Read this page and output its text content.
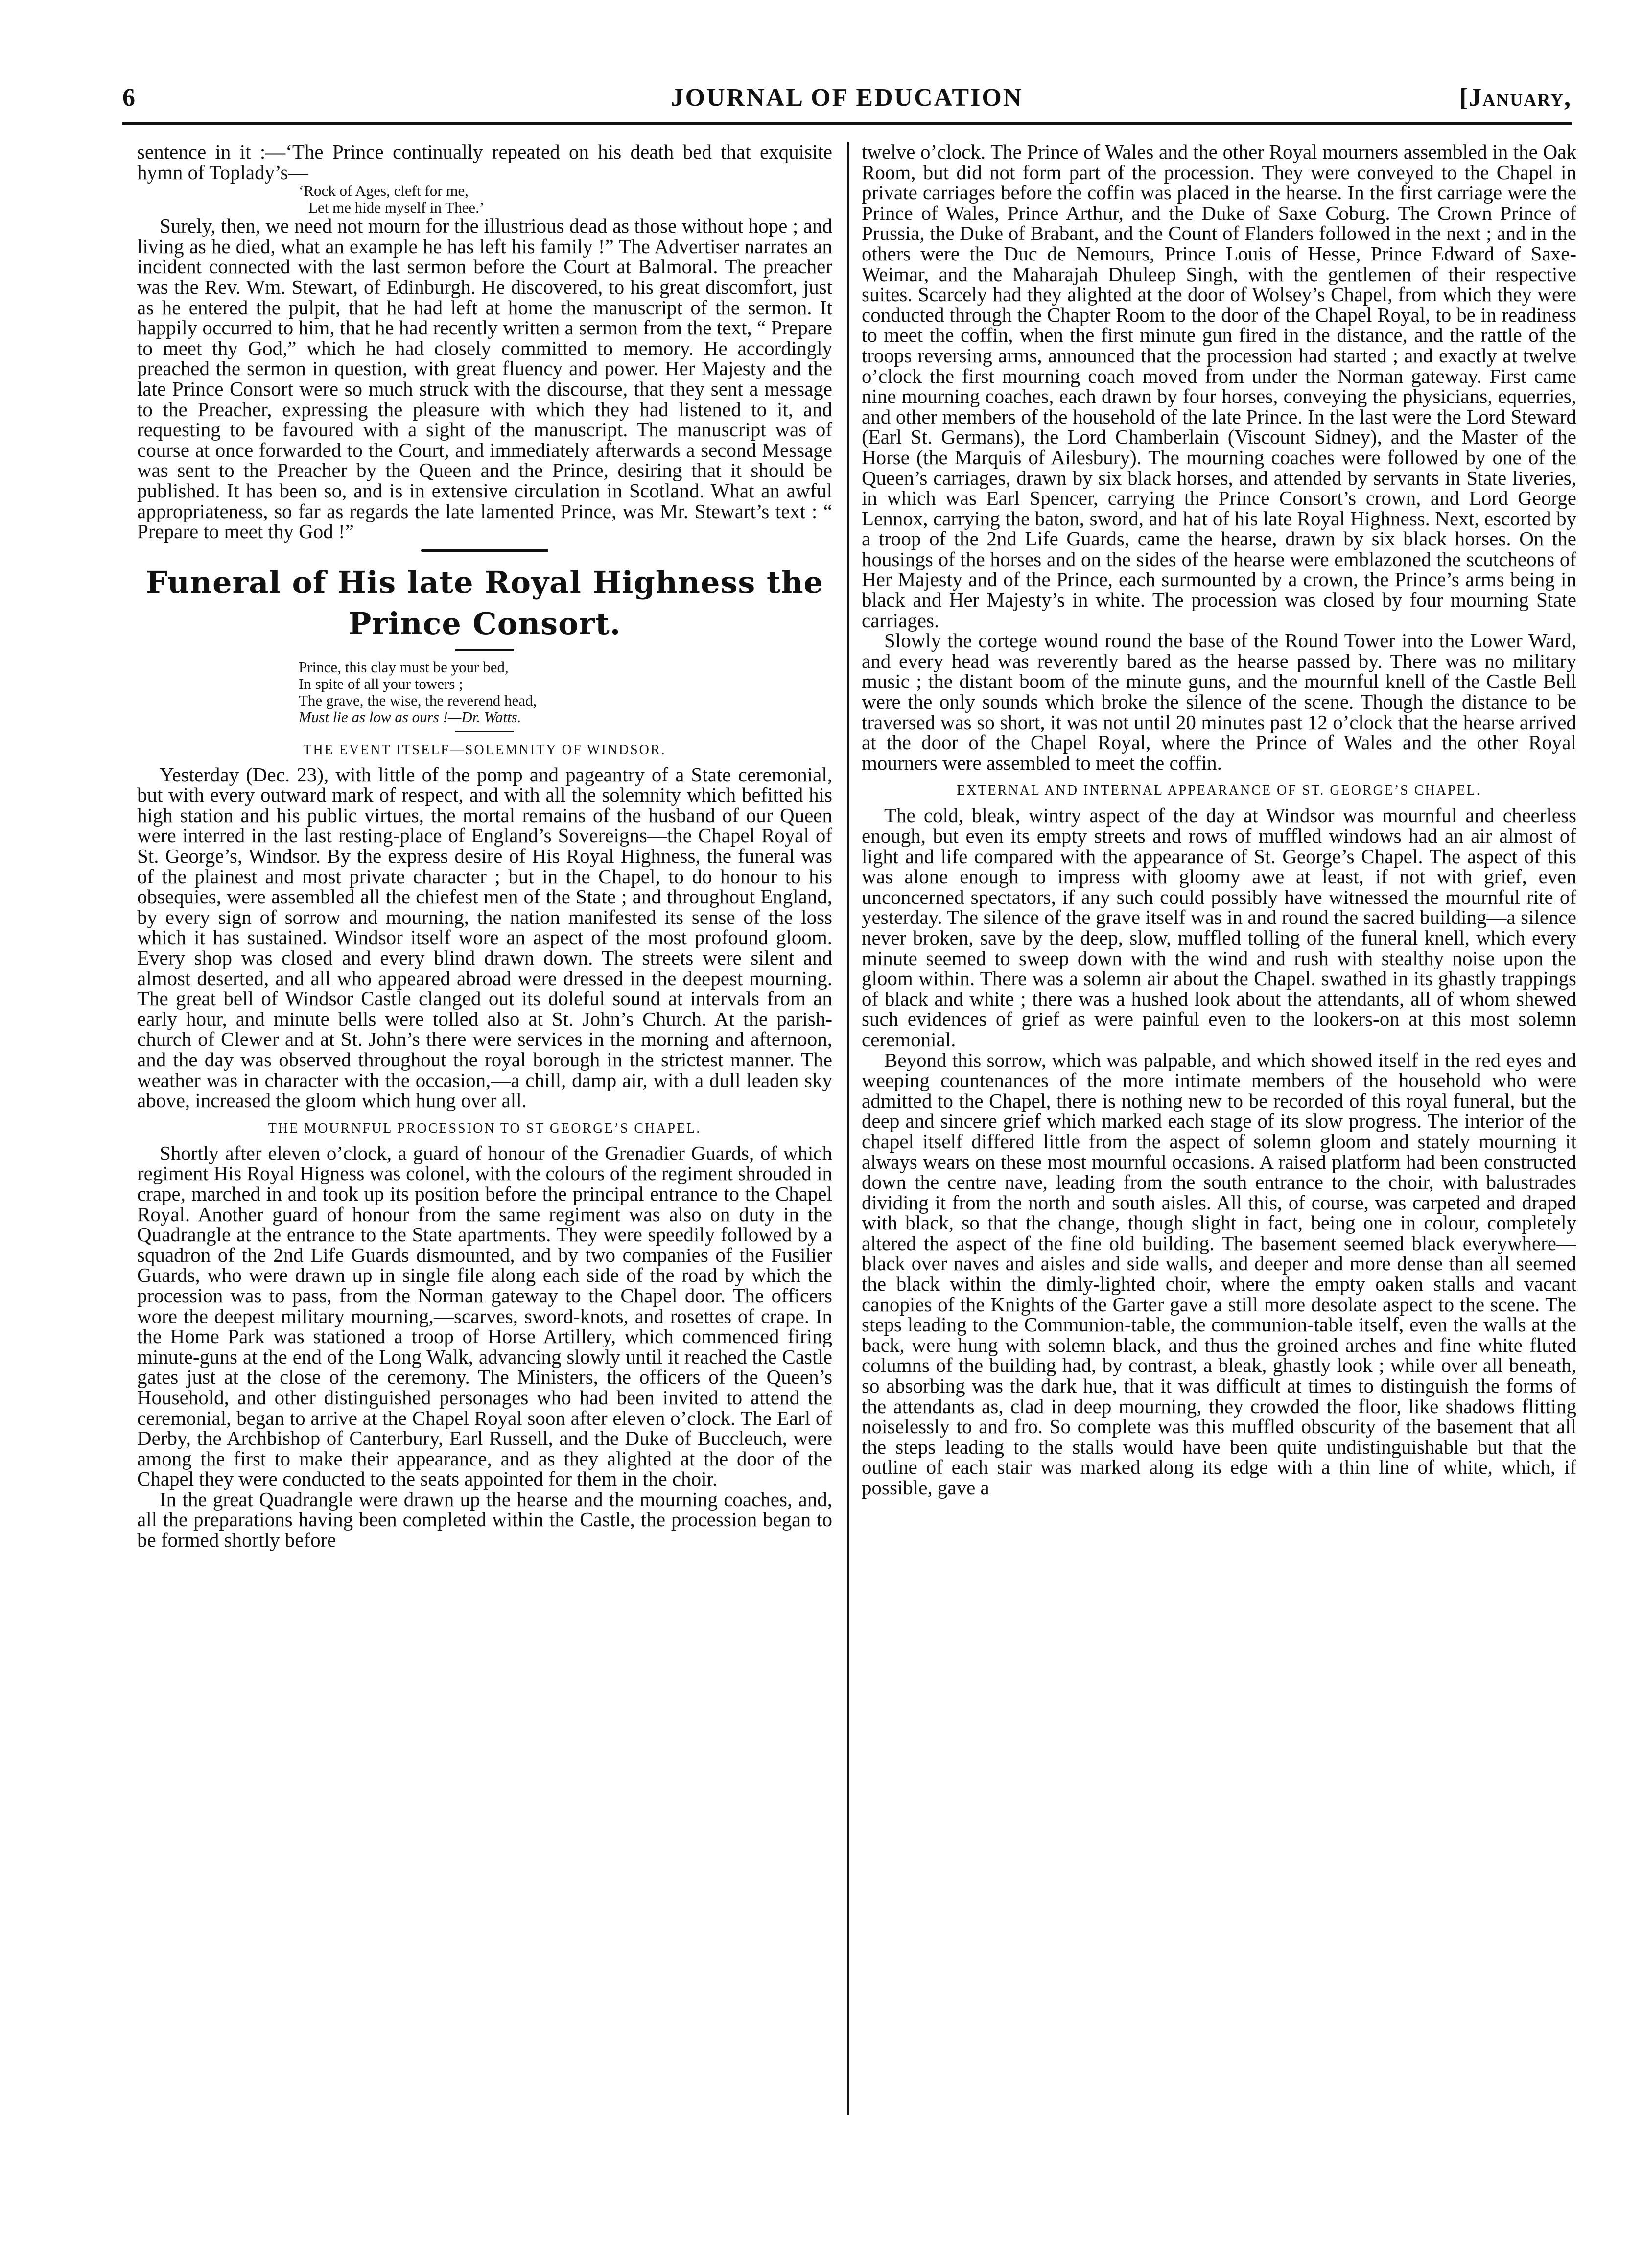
6	JOURNAL OF EDUCATION	[January,

sentence in it :—‘The Prince continually repeated on his death bed that exquisite hymn of Toplady’s—

‘Rock of Ages, cleft for me,
Let me hide myself in Thee.’

Surely, then, we need not mourn for the illustrious dead as those without hope ; and living as he died, what an example he has left his family !” The Advertiser narrates an incident connected with the last sermon before the Court at Balmoral. The preacher was the Rev. Wm. Stewart, of Edinburgh. He discovered, to his great discomfort, just as he entered the pulpit, that he had left at home the manuscript of the sermon. It happily occurred to him, that he had recently written a sermon from the text, “ Prepare to meet thy God,” which he had closely committed to memory. He accordingly preached the sermon in question, with great fluency and power. Her Majesty and the late Prince Consort were so much struck with the discourse, that they sent a message to the Preacher, expressing the pleasure with which they had listened to it, and requesting to be favoured with a sight of the manuscript. The manuscript was of course at once forwarded to the Court, and immediately afterwards a second Message was sent to the Preacher by the Queen and the Prince, desiring that it should be published. It has been so, and is in extensive circulation in Scotland. What an awful appropriateness, so far as regards the late lamented Prince, was Mr. Stewart’s text : “ Prepare to meet thy God !”

Funeral of His late Royal Highness the Prince Consort.
Prince, this clay must be your bed,
In spite of all your towers ;
The grave, the wise, the reverend head,
Must lie as low as ours !—Dr. Watts.
THE EVENT ITSELF—SOLEMNITY OF WINDSOR.

Yesterday (Dec. 23), with little of the pomp and pageantry of a State ceremonial, but with every outward mark of respect, and with all the solemnity which befitted his high station and his public virtues, the mortal remains of the husband of our Queen were interred in the last resting-place of England’s Sovereigns—the Chapel Royal of St. George’s, Windsor. By the express desire of His Royal Highness, the funeral was of the plainest and most private character ; but in the Chapel, to do honour to his obsequies, were assembled all the chiefest men of the State ; and throughout England, by every sign of sorrow and mourning, the nation manifested its sense of the loss which it has sustained. Windsor itself wore an aspect of the most profound gloom. Every shop was closed and every blind drawn down. The streets were silent and almost deserted, and all who appeared abroad were dressed in the deepest mourning. The great bell of Windsor Castle clanged out its doleful sound at intervals from an early hour, and minute bells were tolled also at St. John’s Church. At the parish-church of Clewer and at St. John’s there were services in the morning and afternoon, and the day was observed throughout the royal borough in the strictest manner. The weather was in character with the occasion,—a chill, damp air, with a dull leaden sky above, increased the gloom which hung over all.

THE MOURNFUL PROCESSION TO ST GEORGE’S CHAPEL.

Shortly after eleven o’clock, a guard of honour of the Grenadier Guards, of which regiment His Royal Higness was colonel, with the colours of the regiment shrouded in crape, marched in and took up its position before the principal entrance to the Chapel Royal. Another guard of honour from the same regiment was also on duty in the Quadrangle at the entrance to the State apartments. They were speedily followed by a squadron of the 2nd Life Guards dismounted, and by two companies of the Fusilier Guards, who were drawn up in single file along each side of the road by which the procession was to pass, from the Norman gateway to the Chapel door. The officers wore the deepest military mourning,—scarves, sword-knots, and rosettes of crape. In the Home Park was stationed a troop of Horse Artillery, which commenced firing minute-guns at the end of the Long Walk, advancing slowly until it reached the Castle gates just at the close of the ceremony. The Ministers, the officers of the Queen’s Household, and other distinguished personages who had been invited to attend the ceremonial, began to arrive at the Chapel Royal soon after eleven o’clock. The Earl of Derby, the Archbishop of Canterbury, Earl Russell, and the Duke of Buccleuch, were among the first to make their appearance, and as they alighted at the door of the Chapel they were conducted to the seats appointed for them in the choir.

In the great Quadrangle were drawn up the hearse and the mourning coaches, and, all the preparations having been completed within the Castle, the procession began to be formed shortly before

twelve o’clock. The Prince of Wales and the other Royal mourners assembled in the Oak Room, but did not form part of the procession. They were conveyed to the Chapel in private carriages before the coffin was placed in the hearse. In the first carriage were the Prince of Wales, Prince Arthur, and the Duke of Saxe Coburg. The Crown Prince of Prussia, the Duke of Brabant, and the Count of Flanders followed in the next ; and in the others were the Duc de Nemours, Prince Louis of Hesse, Prince Edward of Saxe-Weimar, and the Maharajah Dhuleep Singh, with the gentlemen of their respective suites. Scarcely had they alighted at the door of Wolsey’s Chapel, from which they were conducted through the Chapter Room to the door of the Chapel Royal, to be in readiness to meet the coffin, when the first minute gun fired in the distance, and the rattle of the troops reversing arms, announced that the procession had started ; and exactly at twelve o’clock the first mourning coach moved from under the Norman gateway. First came nine mourning coaches, each drawn by four horses, conveying the physicians, equerries, and other members of the household of the late Prince. In the last were the Lord Steward (Earl St. Germans), the Lord Chamberlain (Viscount Sidney), and the Master of the Horse (the Marquis of Ailesbury). The mourning coaches were followed by one of the Queen’s carriages, drawn by six black horses, and attended by servants in State liveries, in which was Earl Spencer, carrying the Prince Consort’s crown, and Lord George Lennox, carrying the baton, sword, and hat of his late Royal Highness. Next, escorted by a troop of the 2nd Life Guards, came the hearse, drawn by six black horses. On the housings of the horses and on the sides of the hearse were emblazoned the scutcheons of Her Majesty and of the Prince, each surmounted by a crown, the Prince’s arms being in black and Her Majesty’s in white. The procession was closed by four mourning State carriages.

Slowly the cortege wound round the base of the Round Tower into the Lower Ward, and every head was reverently bared as the hearse passed by. There was no military music ; the distant boom of the minute guns, and the mournful knell of the Castle Bell were the only sounds which broke the silence of the scene. Though the distance to be traversed was so short, it was not until 20 minutes past 12 o’clock that the hearse arrived at the door of the Chapel Royal, where the Prince of Wales and the other Royal mourners were assembled to meet the coffin.

EXTERNAL AND INTERNAL APPEARANCE OF ST. GEORGE’S CHAPEL.

The cold, bleak, wintry aspect of the day at Windsor was mournful and cheerless enough, but even its empty streets and rows of muffled windows had an air almost of light and life compared with the appearance of St. George’s Chapel. The aspect of this was alone enough to impress with gloomy awe at least, if not with grief, even unconcerned spectators, if any such could possibly have witnessed the mournful rite of yesterday. The silence of the grave itself was in and round the sacred building—a silence never broken, save by the deep, slow, muffled tolling of the funeral knell, which every minute seemed to sweep down with the wind and rush with stealthy noise upon the gloom within. There was a solemn air about the Chapel. swathed in its ghastly trappings of black and white ; there was a hushed look about the attendants, all of whom shewed such evidences of grief as were painful even to the lookers-on at this most solemn ceremonial.

Beyond this sorrow, which was palpable, and which showed itself in the red eyes and weeping countenances of the more intimate members of the household who were admitted to the Chapel, there is nothing new to be recorded of this royal funeral, but the deep and sincere grief which marked each stage of its slow progress. The interior of the chapel itself differed little from the aspect of solemn gloom and stately mourning it always wears on these most mournful occasions. A raised platform had been constructed down the centre nave, leading from the south entrance to the choir, with balustrades dividing it from the north and south aisles. All this, of course, was carpeted and draped with black, so that the change, though slight in fact, being one in colour, completely altered the aspect of the fine old building. The basement seemed black everywhere—black over naves and aisles and side walls, and deeper and more dense than all seemed the black within the dimly-lighted choir, where the empty oaken stalls and vacant canopies of the Knights of the Garter gave a still more desolate aspect to the scene. The steps leading to the Communion-table, the communion-table itself, even the walls at the back, were hung with solemn black, and thus the groined arches and fine white fluted columns of the building had, by contrast, a bleak, ghastly look ; while over all beneath, so absorbing was the dark hue, that it was difficult at times to distinguish the forms of the attendants as, clad in deep mourning, they crowded the floor, like shadows flitting noiselessly to and fro. So complete was this muffled obscurity of the basement that all the steps leading to the stalls would have been quite undistinguishable but that the outline of each stair was marked along its edge with a thin line of white, which, if possible, gave a
